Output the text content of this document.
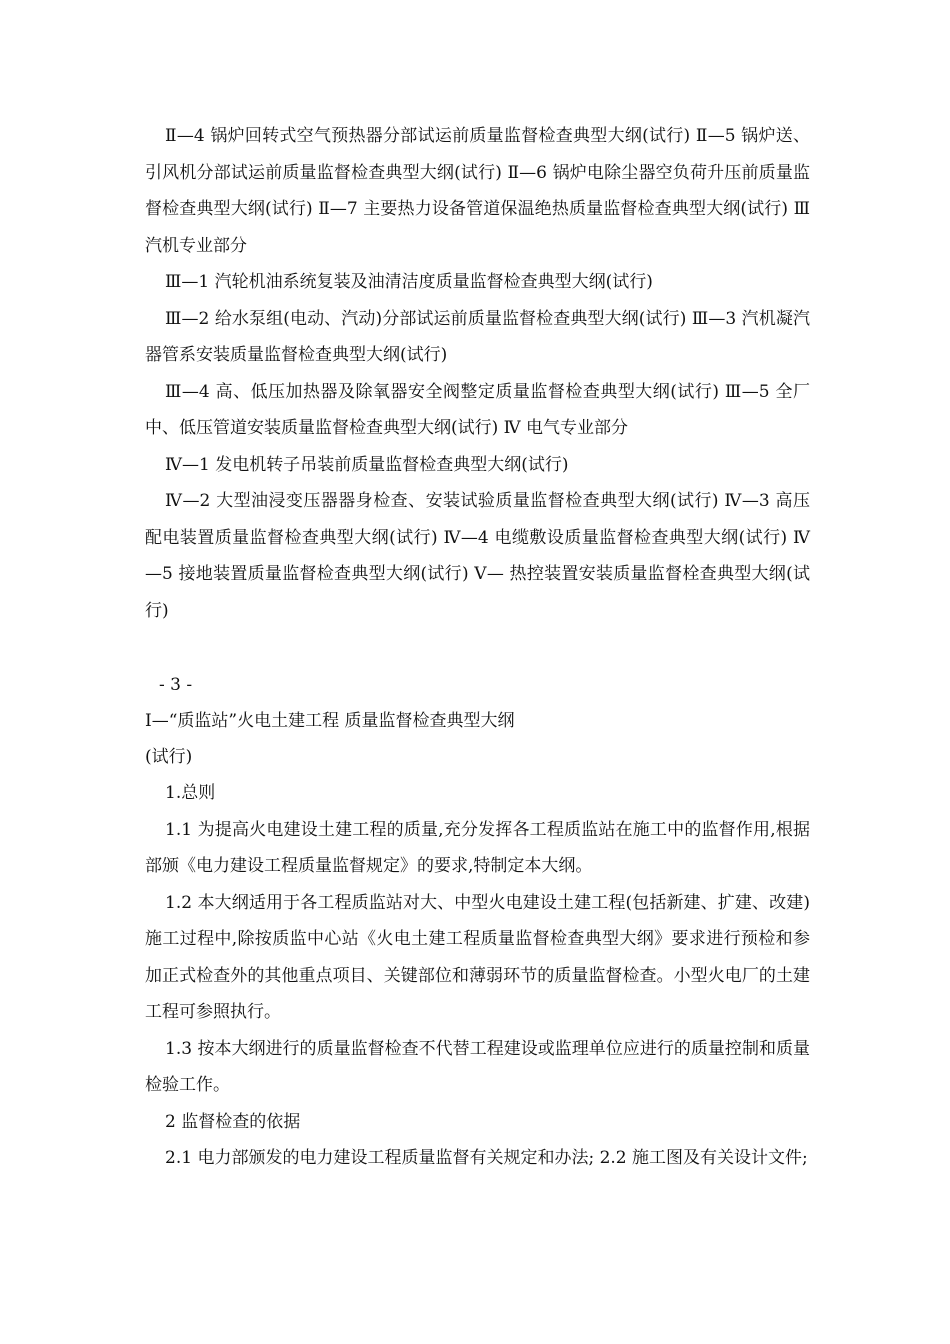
Ⅱ—4 锅炉回转式空气预热器分部试运前质量监督检查典型大纲(试行) Ⅱ—5 锅炉送、引风机分部试运前质量监督检查典型大纲(试行) Ⅱ—6 锅炉电除尘器空负荷升压前质量监督检查典型大纲(试行) Ⅱ—7 主要热力设备管道保温绝热质量监督检查典型大纲(试行) Ⅲ 汽机专业部分

Ⅲ—1 汽轮机油系统复装及油清洁度质量监督检查典型大纲(试行)

Ⅲ—2 给水泵组(电动、汽动)分部试运前质量监督检查典型大纲(试行) Ⅲ—3 汽机凝汽器管系安装质量监督检查典型大纲(试行)

Ⅲ—4 高、低压加热器及除氧器安全阀整定质量监督检查典型大纲(试行) Ⅲ—5 全厂中、低压管道安装质量监督检查典型大纲(试行) Ⅳ 电气专业部分

Ⅳ—1 发电机转子吊装前质量监督检查典型大纲(试行)

Ⅳ—2 大型油浸变压器器身检查、安装试验质量监督检查典型大纲(试行) Ⅳ—3 高压配电装置质量监督检查典型大纲(试行) Ⅳ—4 电缆敷设质量监督检查典型大纲(试行) Ⅳ—5 接地装置质量监督检查典型大纲(试行) Ⅴ— 热控装置安装质量监督栓查典型大纲(试行)

- 3 -

I—“质监站”火电土建工程 质量监督检查典型大纲

(试行)

1.总则

1.1 为提高火电建设土建工程的质量,充分发挥各工程质监站在施工中的监督作用,根据部颁《电力建设工程质量监督规定》的要求,特制定本大纲。

1.2 本大纲适用于各工程质监站对大、中型火电建设土建工程(包括新建、扩建、改建)施工过程中,除按质监中心站《火电土建工程质量监督检查典型大纲》要求进行预检和参加正式检查外的其他重点项目、关键部位和薄弱环节的质量监督检查。小型火电厂的土建工程可参照执行。

1.3 按本大纲进行的质量监督检查不代替工程建设或监理单位应进行的质量控制和质量检验工作。

2 监督检查的依据

2.1 电力部颁发的电力建设工程质量监督有关规定和办法; 2.2 施工图及有关设计文件;
